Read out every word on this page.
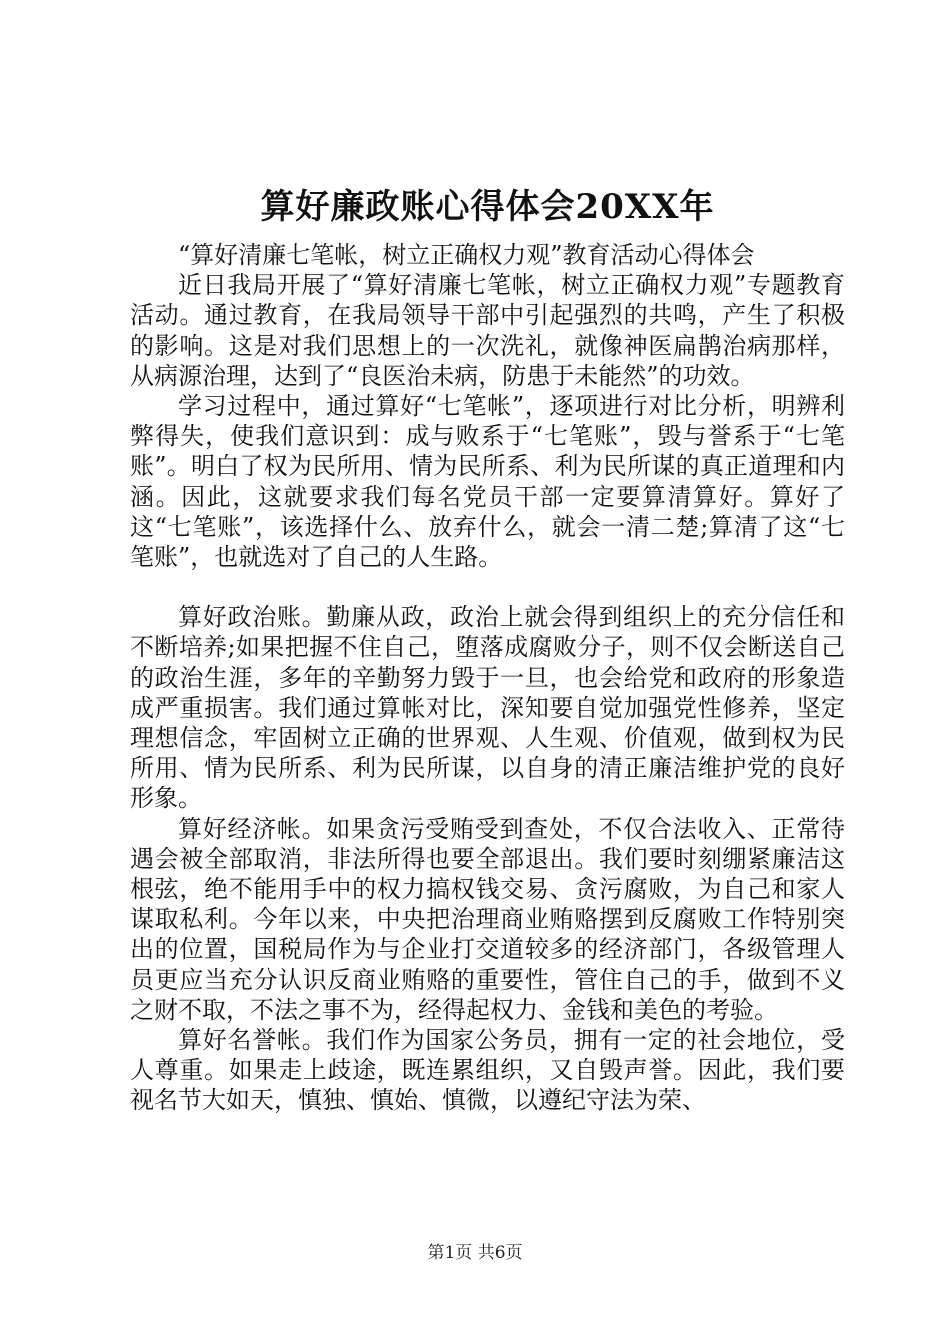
算好廉政账心得体会20XX年

“算好清廉七笔帐，树立正确权力观”教育活动心得体会

近日我局开展了“算好清廉七笔帐，树立正确权力观”专题教育活动。通过教育，在我局领导干部中引起强烈的共鸣，产生了积极的影响。这是对我们思想上的一次洗礼，就像神医扁鹊治病那样，从病源治理，达到了“良医治未病，防患于未能然”的功效。

学习过程中，通过算好“七笔帐”，逐项进行对比分析，明辨利弊得失，使我们意识到：成与败系于“七笔账”，毁与誉系于“七笔账”。明白了权为民所用、情为民所系、利为民所谋的真正道理和内涵。因此，这就要求我们每名党员干部一定要算清算好。算好了这“七笔账”，该选择什么、放弃什么，就会一清二楚;算清了这“七笔账”，也就选对了自己的人生路。

算好政治账。勤廉从政，政治上就会得到组织上的充分信任和不断培养;如果把握不住自己，堕落成腐败分子，则不仅会断送自己的政治生涯，多年的辛勤努力毁于一旦，也会给党和政府的形象造成严重损害。我们通过算帐对比，深知要自觉加强党性修养，坚定理想信念，牢固树立正确的世界观、人生观、价值观，做到权为民所用、情为民所系、利为民所谋，以自身的清正廉洁维护党的良好形象。

算好经济帐。如果贪污受贿受到查处，不仅合法收入、正常待遇会被全部取消，非法所得也要全部退出。我们要时刻绷紧廉洁这根弦，绝不能用手中的权力搞权钱交易、贪污腐败，为自己和家人谋取私利。今年以来，中央把治理商业贿赂摆到反腐败工作特别突出的位置，国税局作为与企业打交道较多的经济部门，各级管理人员更应当充分认识反商业贿赂的重要性，管住自己的手，做到不义之财不取，不法之事不为，经得起权力、金钱和美色的考验。

算好名誉帐。我们作为国家公务员，拥有一定的社会地位，受人尊重。如果走上歧途，既连累组织，又自毁声誉。因此，我们要视名节大如天，慎独、慎始、慎微，以遵纪守法为荣、

第1页 共6页
